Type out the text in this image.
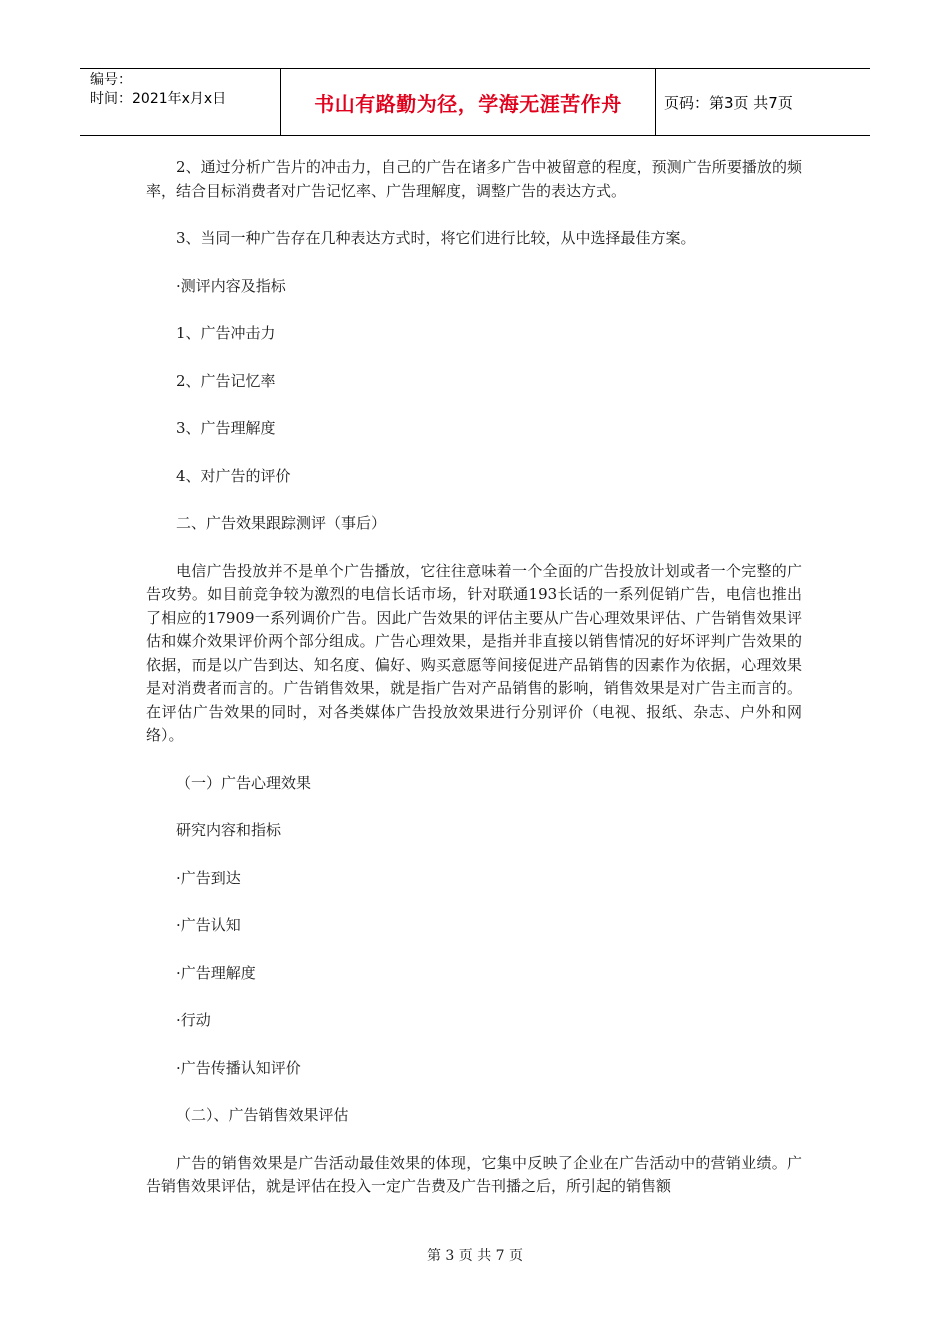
编号：
时间：2021年x月x日	书山有路勤为径，学海无涯苦作舟	页码：第3页 共7页

2、通过分析广告片的冲击力，自己的广告在诸多广告中被留意的程度，预测广告所要播放的频率，结合目标消费者对广告记忆率、广告理解度，调整广告的表达方式。

3、当同一种广告存在几种表达方式时，将它们进行比较，从中选择最佳方案。

·测评内容及指标

1、广告冲击力

2、广告记忆率

3、广告理解度

4、对广告的评价

二、广告效果跟踪测评（事后）

电信广告投放并不是单个广告播放，它往往意味着一个全面的广告投放计划或者一个完整的广告攻势。如目前竞争较为激烈的电信长话市场，针对联通193长话的一系列促销广告，电信也推出了相应的17909一系列调价广告。因此广告效果的评估主要从广告心理效果评估、广告销售效果评估和媒介效果评价两个部分组成。广告心理效果，是指并非直接以销售情况的好坏评判广告效果的依据，而是以广告到达、知名度、偏好、购买意愿等间接促进产品销售的因素作为依据，心理效果是对消费者而言的。广告销售效果，就是指广告对产品销售的影响，销售效果是对广告主而言的。在评估广告效果的同时，对各类媒体广告投放效果进行分别评价（电视、报纸、杂志、户外和网络）。

（一）广告心理效果

研究内容和指标

·广告到达

·广告认知

·广告理解度

·行动

·广告传播认知评价

（二）、广告销售效果评估

广告的销售效果是广告活动最佳效果的体现，它集中反映了企业在广告活动中的营销业绩。广告销售效果评估，就是评估在投入一定广告费及广告刊播之后，所引起的销售额

第 3 页 共 7 页
